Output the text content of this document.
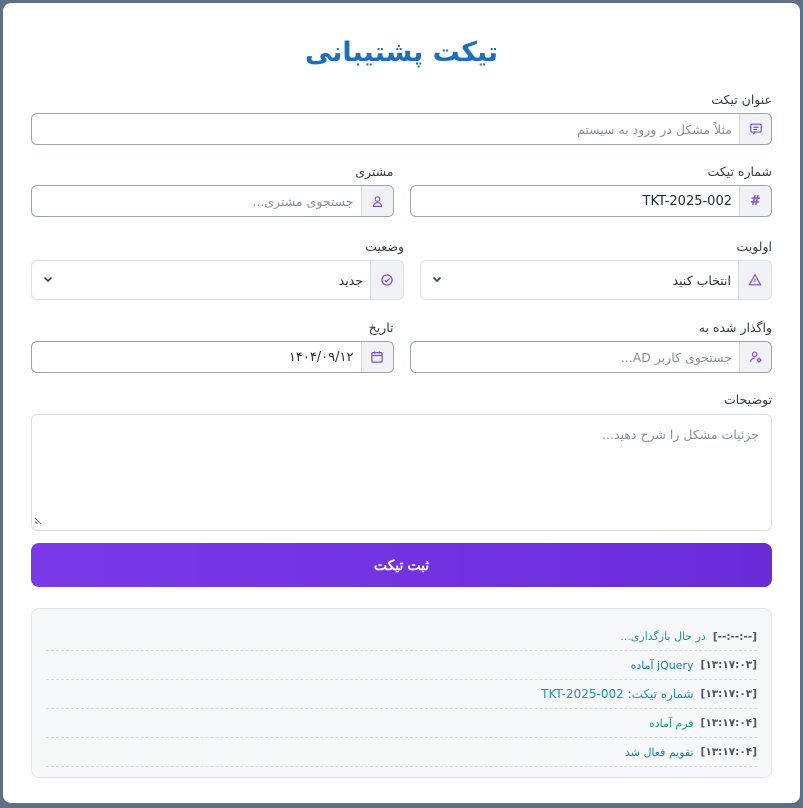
تیکت پشتیبانی
عنوان تیکت
مثلاً مشکل در ورود به سیستم
شماره تیکت
#
TKT-2025-002
مشتری
جستجوی مشتری...
اولویت
انتخاب کنید
وضعیت
جدید
واگذار شده به
جستجوی کاربر AD...
تاریخ
۱۴۰۴/۰۹/۱۲
توضیحات
جزئیات مشکل را شرح دهید...
ثبت تیکت
[--:--:--]
در حال بارگذاری...
[۱۳:۱۷:۰۳]
jQuery آماده
[۱۳:۱۷:۰۳]
شماره تیکت: TKT-2025-002
[۱۳:۱۷:۰۴]
فرم آماده
[۱۳:۱۷:۰۴]
تقویم فعال شد
